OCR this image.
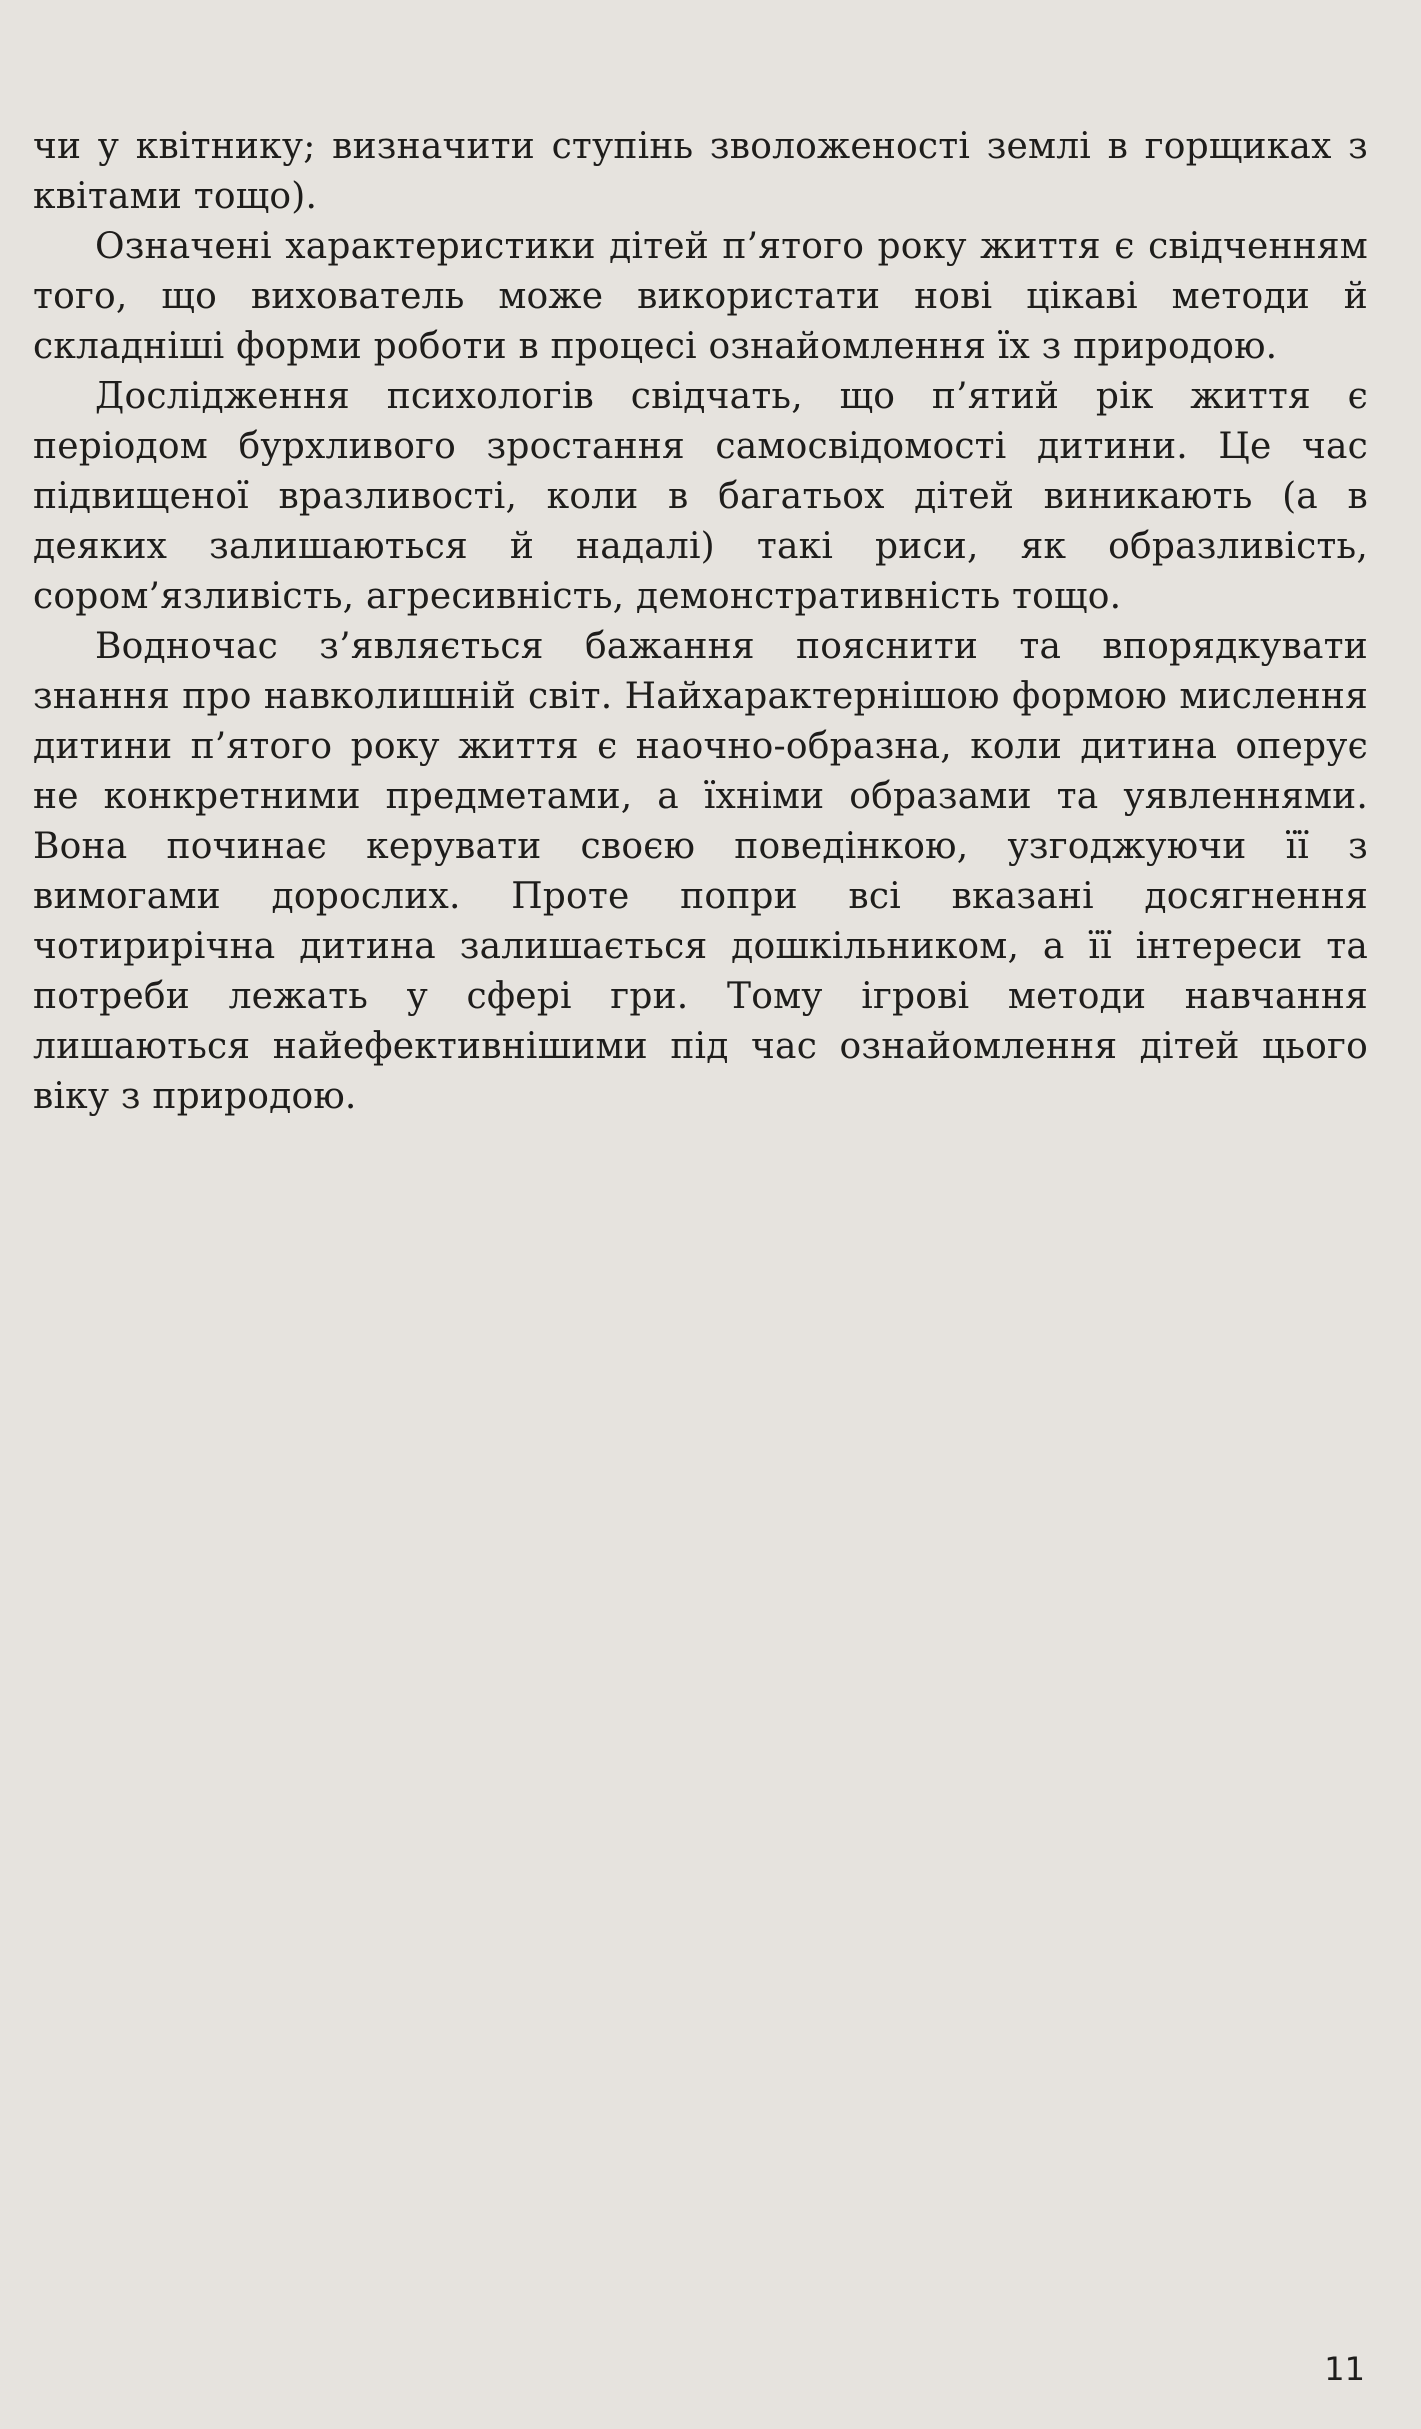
чи у квітнику; визначити ступінь зволоженості землі в горщиках з квітами тощо).

Означені характеристики дітей п’ятого року життя є свідченням того, що вихователь може використати нові цікаві методи й складніші форми роботи в процесі ознайомлення їх з природою.

Дослідження психологів свідчать, що п’ятий рік життя є періодом бурхливого зростання самосвідомості дитини. Це час підвищеної вразливості, коли в багатьох дітей виникають (а в деяких залишаються й надалі) такі риси, як образливість, сором’язливість, агресивність, демонстративність тощо.

Водночас з’являється бажання пояснити та впорядкувати знання про навколишній світ. Найхарактернішою формою мислення дитини п’ятого року життя є наочно-образна, коли дитина оперує не конкретними предметами, а їхніми образами та уявленнями. Вона починає керувати своєю поведінкою, узгоджуючи її з вимогами дорослих. Проте попри всі вказані досягнення чотирирічна дитина залишається дошкільником, а її інтереси та потреби лежать у сфері гри. Тому ігрові методи навчання лишаються найефективнішими під час ознайомлення дітей цього віку з природою.

11
